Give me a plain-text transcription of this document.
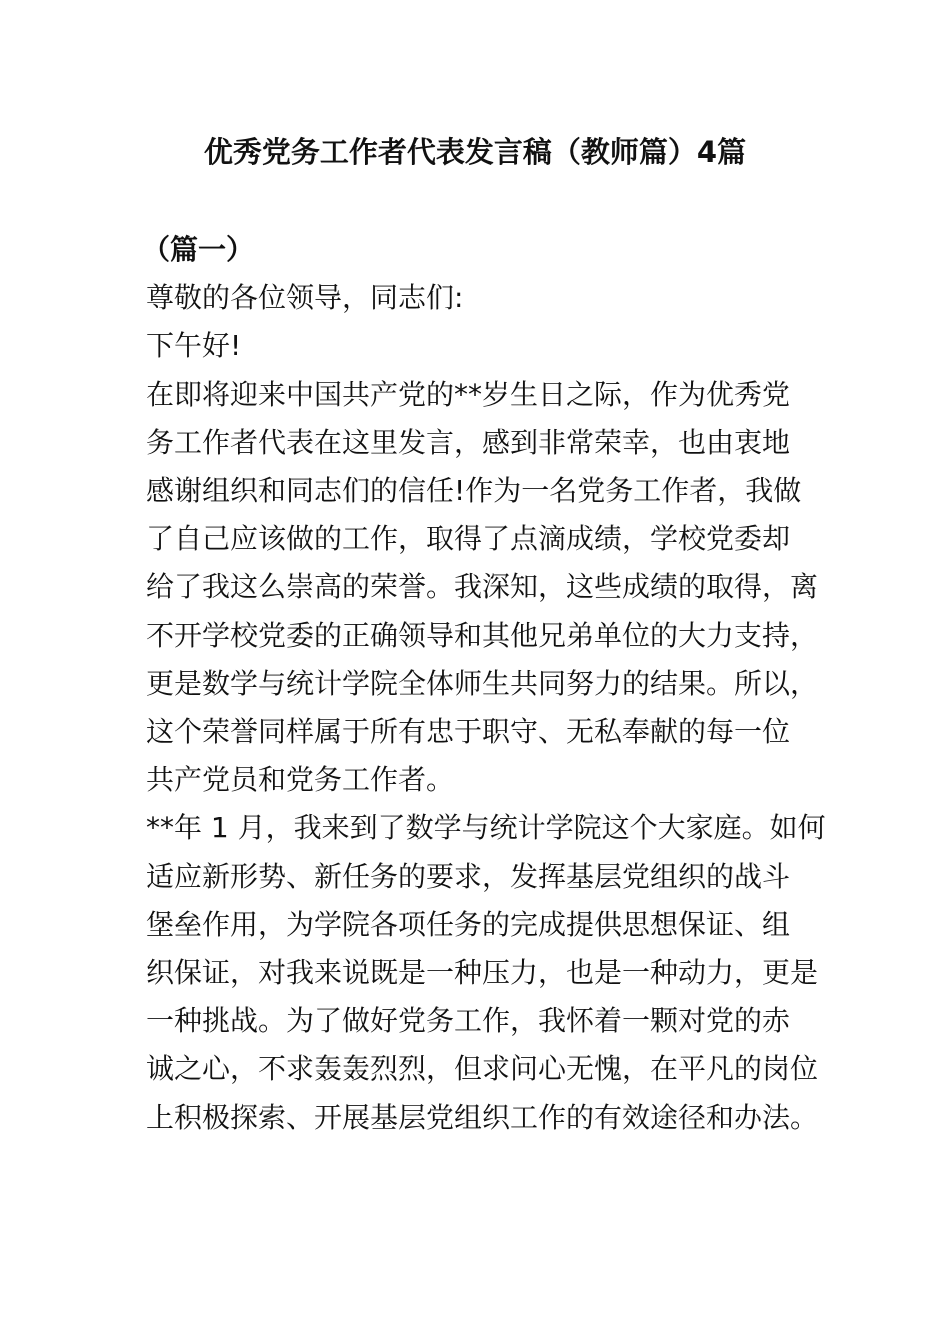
优秀党务工作者代表发言稿（教师篇）4篇
（篇一）
尊敬的各位领导，同志们:
下午好!
在即将迎来中国共产党的**岁生日之际，作为优秀党
务工作者代表在这里发言，感到非常荣幸，也由衷地
感谢组织和同志们的信任!作为一名党务工作者，我做
了自己应该做的工作，取得了点滴成绩，学校党委却
给了我这么崇高的荣誉。我深知，这些成绩的取得，离
不开学校党委的正确领导和其他兄弟单位的大力支持，
更是数学与统计学院全体师生共同努力的结果。所以，
这个荣誉同样属于所有忠于职守、无私奉献的每一位
共产党员和党务工作者。
**年 1 月，我来到了数学与统计学院这个大家庭。如何
适应新形势、新任务的要求，发挥基层党组织的战斗
堡垒作用，为学院各项任务的完成提供思想保证、组
织保证，对我来说既是一种压力，也是一种动力，更是
一种挑战。为了做好党务工作，我怀着一颗对党的赤
诚之心，不求轰轰烈烈，但求问心无愧，在平凡的岗位
上积极探索、开展基层党组织工作的有效途径和办法。
